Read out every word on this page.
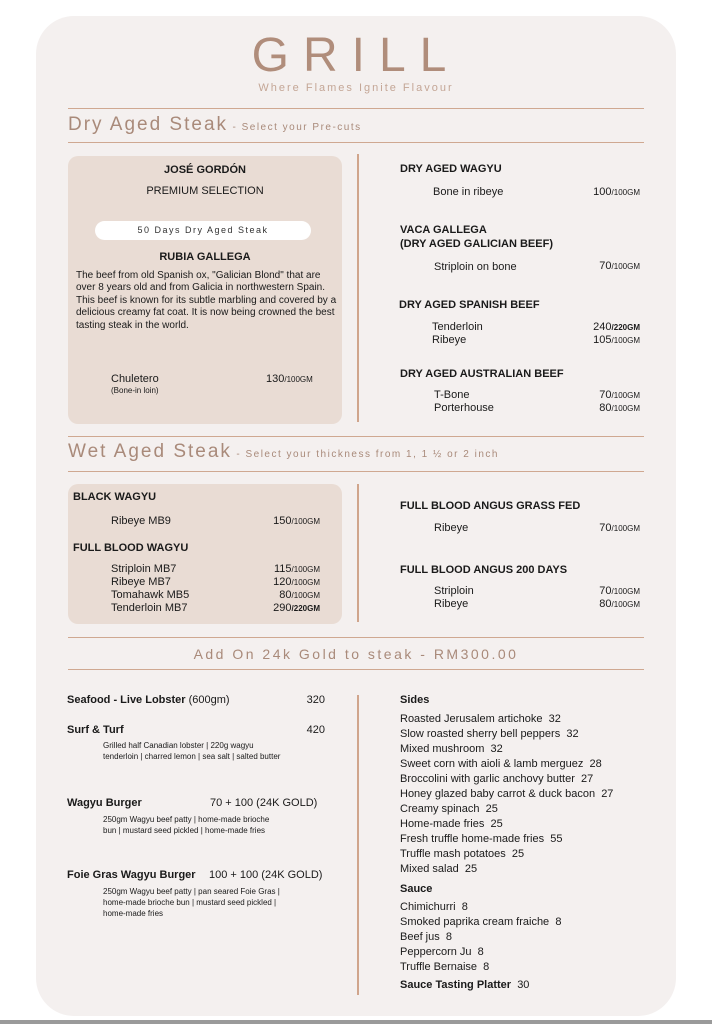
GRILL
Where Flames Ignite Flavour
Dry Aged Steak - Select your Pre-cuts
JOSÉ GORDÓN
PREMIUM SELECTION
50 Days Dry Aged Steak
RUBIA GALLEGA
The beef from old Spanish ox, "Galician Blond" that are over 8 years old and from Galicia in northwestern Spain. This beef is known for its subtle marbling and covered by a delicious creamy fat coat. It is now being crowned the best tasting steak in the world.
Chuletero
(Bone-in loin)
130/100GM
DRY AGED WAGYU
Bone in ribeye	100/100GM
VACA GALLEGA
(DRY AGED GALICIAN BEEF)
Striploin on bone	70/100GM
DRY AGED SPANISH BEEF
Tenderloin	240/220GM
Ribeye	105/100GM
DRY AGED AUSTRALIAN BEEF
T-Bone	70/100GM
Porterhouse	80/100GM
Wet Aged Steak - Select your thickness from 1, 1 ½ or 2 inch
BLACK WAGYU
Ribeye MB9	150/100GM
FULL BLOOD WAGYU
Striploin MB7	115/100GM
Ribeye MB7	120/100GM
Tomahawk MB5	80/100GM
Tenderloin MB7	290/220GM
FULL BLOOD ANGUS GRASS FED
Ribeye	70/100GM
FULL BLOOD ANGUS 200 DAYS
Striploin	70/100GM
Ribeye	80/100GM
Add On 24k Gold to steak - RM300.00
Seafood - Live Lobster (600gm)	320
Surf & Turf	420
Grilled half Canadian lobster | 220g wagyu
tenderloin | charred lemon | sea salt | salted butter
Wagyu Burger	70 + 100 (24K GOLD)
250gm Wagyu beef patty | home-made brioche
bun | mustard seed pickled | home-made fries
Foie Gras Wagyu Burger 100 + 100 (24K GOLD)
250gm Wagyu beef patty | pan seared Foie Gras |
home-made brioche bun | mustard seed pickled |
home-made fries
Sides
Roasted Jerusalem artichoke 32
Slow roasted sherry bell peppers 32
Mixed mushroom 32
Sweet corn with aioli & lamb merguez 28
Broccolini with garlic anchovy butter 27
Honey glazed baby carrot & duck bacon 27
Creamy spinach 25
Home-made fries 25
Fresh truffle home-made fries 55
Truffle mash potatoes 25
Mixed salad 25
Sauce
Chimichurri 8
Smoked paprika cream fraiche 8
Beef jus 8
Peppercorn Ju 8
Truffle Bernaise 8
Sauce Tasting Platter 30
